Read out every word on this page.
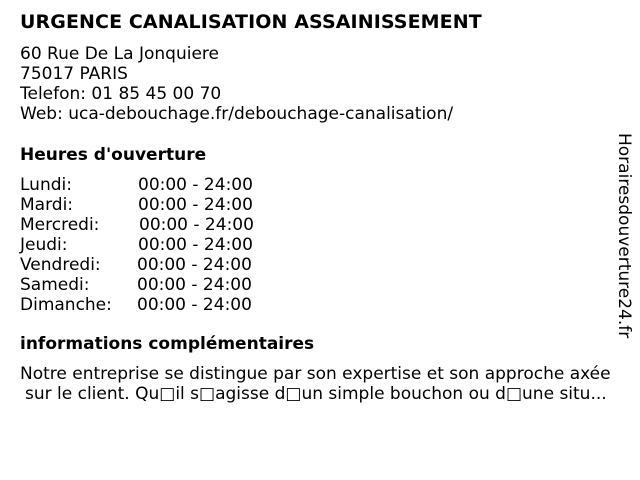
URGENCE CANALISATION ASSAINISSEMENT
60 Rue De La Jonquiere
75017 PARIS
Telefon: 01 85 45 00 70
Web: uca-debouchage.fr/debouchage-canalisation/
Heures d'ouverture
Lundi:	00:00 - 24:00
Mardi:	00:00 - 24:00
Mercredi: 00:00 - 24:00
Jeudi:	00:00 - 24:00
Vendredi: 00:00 - 24:00
Samedi:	00:00 - 24:00
Dimanche: 00:00 - 24:00
informations complémentaires
Notre entreprise se distingue par son expertise et son approche axée
sur le client. Qu□il s□agisse d□un simple bouchon ou d□une situ...
Horairesdouverture24.fr
